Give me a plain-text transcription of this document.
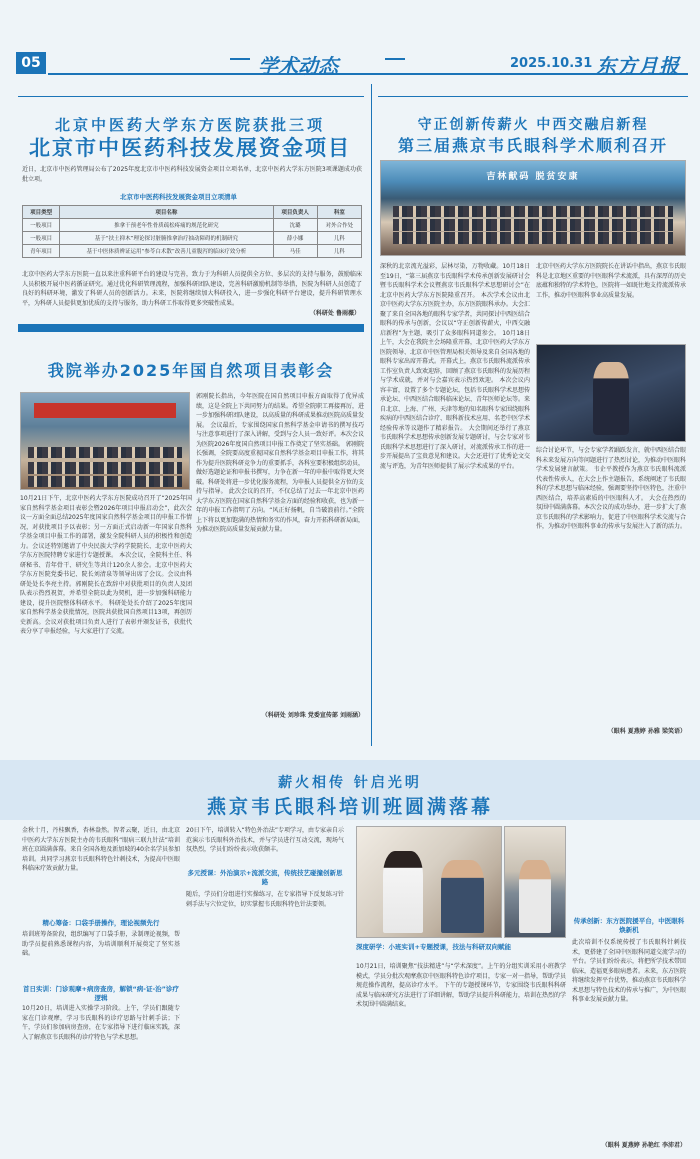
05	学术动态	2025.10.31 东方月报
北京中医药大学东方医院获批三项
北京市中医药科技发展资金项目
近日，北京市中医药管理局公布了2025年度北京市中医药科技发展资金项目立项名单，北京中医药大学东方医院3项课题成功获批立项。
北京市中医药科技发展资金项目立项清单
项目类型	项目名称	项目负责人	科室
一般项目	推拿干预老年性骨质疏松疼痛的规范化研究	沈璐	对外合作处
一般项目	基于“扶土抑木”理论探讨脏腑推拿治疗抽动障碍的机制研究	薛小娜	儿科
青年项目	基于中医体质辨证运用“参苓白术散”改善儿童腹泻的临床疗效分析	马佳	儿科
北京中医药大学东方医院一直以来注重科研平台的建设与完善，致力于为科研人员提供全方位、多层次的支持与服务，鼓励临床人员积极开展中医药循证研究。通过优化科研管理流程，加强科研团队建设，完善科研激励机制等举措，医院为科研人员创造了良好的科研环境，激发了科研人员的创新活力。未来，医院将继续加大科研投入，进一步强化科研平台建设，提升科研管理水平，为科研人员提供更加优质的支持与服务，助力科研工作取得更多突破性成果。
（科研处 鲁雨薇）
我院举办2025年国自然项目表彰会
10月21日下午，北京中医药大学东方医院成功召开了“2025年国家自然科学基金项目表彰会暨2026年项目申报启动会”，此次会议一方面全面总结2025年度国家自然科学基金项目的申报工作情况，对获批项目予以表彰；另一方面正式启动新一年国家自然科学基金项目申报工作的部署，激发全院科研人员的积极性和创造力。会议还特别邀请了中央民族大学药学院院长、北京中医药大学东方医院特聘专家进行专题授课。 本次会议，全院科主任、科研秘书、青年骨干、研究生等共计120余人参会。北京中医药大学东方医院党委书记、院长刘清泉等领导出席了会议。会议由科研处处长李亮主持。郭刚院长在致辞中对获批项目的负责人及团队表示热烈祝贺，并希望全院以此为契机，进一步加强科研能力建设，提升医院整体科研水平。 科研处处长介绍了2025年度国家自然科学基金获批情况，医院共获批国自然项目13项，再创历史新高。会议对获批项目负责人进行了表彰并颁发证书，获批代表分享了申报经验，与大家进行了交流。
郭刚院长指出，今年医院在国自然项目申报方面取得了优异成绩，这是全院上下共同努力的结果。希望全院职工再接再厉，进一步加强科研团队建设，以高质量的科研成果推动医院高质量发展。 会议最后，专家围绕国家自然科学基金申请书的撰写技巧与注意事项进行了深入讲解，受到与会人员一致好评。本次会议为医院2026年度国自然项目申报工作奠定了坚实基础。 郭刚院长强调，全院要高度重视国家自然科学基金项目申报工作，将其作为提升医院科研竞争力的重要抓手，各科室要积极组织动员，做好选题论证和申报书撰写，力争在新一年的申报中取得更大突破。科研处将进一步优化服务流程，为申报人员提供全方位的支持与指导。 此次会议的召开，不仅总结了过去一年北京中医药大学东方医院在国家自然科学基金方面的经验和收获，也为新一年的申报工作指明了方向。“风正好扬帆，自当破浪前行。”全院上下将以更加饱满的热情和务实的作风，奋力开拓科研新局面，为推动医院高质量发展贡献力量。
（科研处 刘珍珠 党委宣传部 刘雨涵）
守正创新传薪火 中西交融启新程
第三届燕京韦氏眼科学术顺利召开
吉林献码 脱贫安康
深秋的北京流光溢彩，层林尽染，万物收藏。10月18日至19日，“第三届燕京韦氏眼科学术传承创新发展研讨会暨韦氏眼科学术会议暨燕京韦氏眼科学术思想研讨会”在北京中医药大学东方医院隆重召开。 本次学术会议由北京中医药大学东方医院主办，东方医院眼科承办。大会汇聚了来自全国各地的眼科专家学者，共同探讨中西医结合眼科的传承与创新，会议以“守正创新传薪火，中西交融启新程”为主题，吸引了众多眼科同道参会。 10月18日上午，大会在我院主会场隆重开幕，北京中医药大学东方医院领导、北京市中医管理局相关领导及来自全国各地的眼科专家出席开幕式。开幕式上，燕京韦氏眼科流派传承工作室负责人致欢迎辞，回顾了燕京韦氏眼科的发展历程与学术成就，并对与会嘉宾表示热烈欢迎。 本次会议内容丰富，设置了多个专题论坛，包括韦氏眼科学术思想传承论坛、中西医结合眼科临床论坛、青年医师论坛等。来自北京、上海、广州、天津等地的知名眼科专家围绕眼科疾病的中西医结合诊疗、眼科新技术应用、名老中医学术经验传承等议题作了精彩报告。 大会期间还举行了燕京韦氏眼科学术思想传承创新发展专题研讨，与会专家对韦氏眼科学术思想进行了深入研讨，对流派传承工作的进一步开展提出了宝贵意见和建议。大会还进行了优秀论文交流与评选，为青年医师提供了展示学术成果的平台。
北京中医药大学东方医院院长在讲话中指出，燕京韦氏眼科是北京地区重要的中医眼科学术流派，具有深厚的历史底蕴和独特的学术特色，医院将一如既往地支持流派传承工作，推动中医眼科事业高质量发展。
综合讨论环节，与会专家学者踊跃发言，就中西医结合眼科未来发展方向等问题进行了热烈讨论，为推动中医眼科学术发展建言献策。 韦企平教授作为燕京韦氏眼科流派代表性传承人，在大会上作主题报告，系统阐述了韦氏眼科的学术思想与临床经验，强调要坚持中医特色，注重中西医结合，培养高素质的中医眼科人才。 大会在热烈的氛围中圆满落幕。本次会议的成功举办，进一步扩大了燕京韦氏眼科的学术影响力，促进了中医眼科学术交流与合作，为推动中医眼科事业的传承与发展注入了新的活力。
（眼科 夏燕婷 孙雅 梁笑语）
薪火相传 针启光明
燕京韦氏眼科培训班圆满落幕
金秋十月，丹桂飘香，杏林盎然。智者云聚，近日，由北京中医药大学东方医院主办的韦氏眼科“眼病三联九针法”培训班在京圆满落幕。来自全国各地及新加坡的40余名学员参加培训。共同学习燕京韦氏眼科特色针刺技术，为提高中医眼科临床疗效贡献力量。
精心筹备：口袋手册操作，理论视频先行
培训班筹备阶段，组织编写了口袋手册，录制理论视频，帮助学员提前熟悉课程内容，为培训顺利开展奠定了坚实基础。
首日实训：门诊观摩+病房查房，解锁“病-证-治”诊疗逻辑
10月20日，培训进入实操学习阶段。上午，学员们跟随专家在门诊观摩，学习韦氏眼科的诊疗思路与针刺手法；下午，学员们参加病房查房，在专家指导下进行临床实践，深入了解燕京韦氏眼科的诊疗特色与学术思想。
20日下午，培训转入“特色外治法”专项学习，由专家亲自示范演示韦氏眼科外治技术，并与学员进行互动交流，现场气氛热烈，学员们纷纷表示收获颇丰。
多元授课：外治演示+流派交流，传统技艺碰撞创新思路
随后，学员们分组进行实操练习，在专家指导下反复练习针刺手法与穴位定位，切实掌握韦氏眼科特色针法要领。
深度研学：小班实训+专题授课，技法与科研双向赋能
10月21日，培训聚焦“技法精进”与“学术深度”。上午的分组实训采用小班教学模式，学员分批次观摩燕京中医眼科特色诊疗项目，专家一对一指导，帮助学员规范操作流程，提高诊疗水平。 下午的专题授课环节，专家围绕韦氏眼科科研成果与临床研究方法进行了详细讲解，帮助学员提升科研能力，培训在热烈的学术氛围中圆满结束。
传承创新：东方医院援平台，中医眼科焕新机
此次培训不仅系统传授了韦氏眼科针刺技术，更搭建了全国中医眼科同道交流学习的平台。学员们纷纷表示，将把所学技术带回临床，造福更多眼病患者。未来，东方医院将继续发挥平台优势，推动燕京韦氏眼科学术思想与特色技术的传承与推广，为中医眼科事业发展贡献力量。
（眼科 夏燕婷 孙艳红 李沛君）
